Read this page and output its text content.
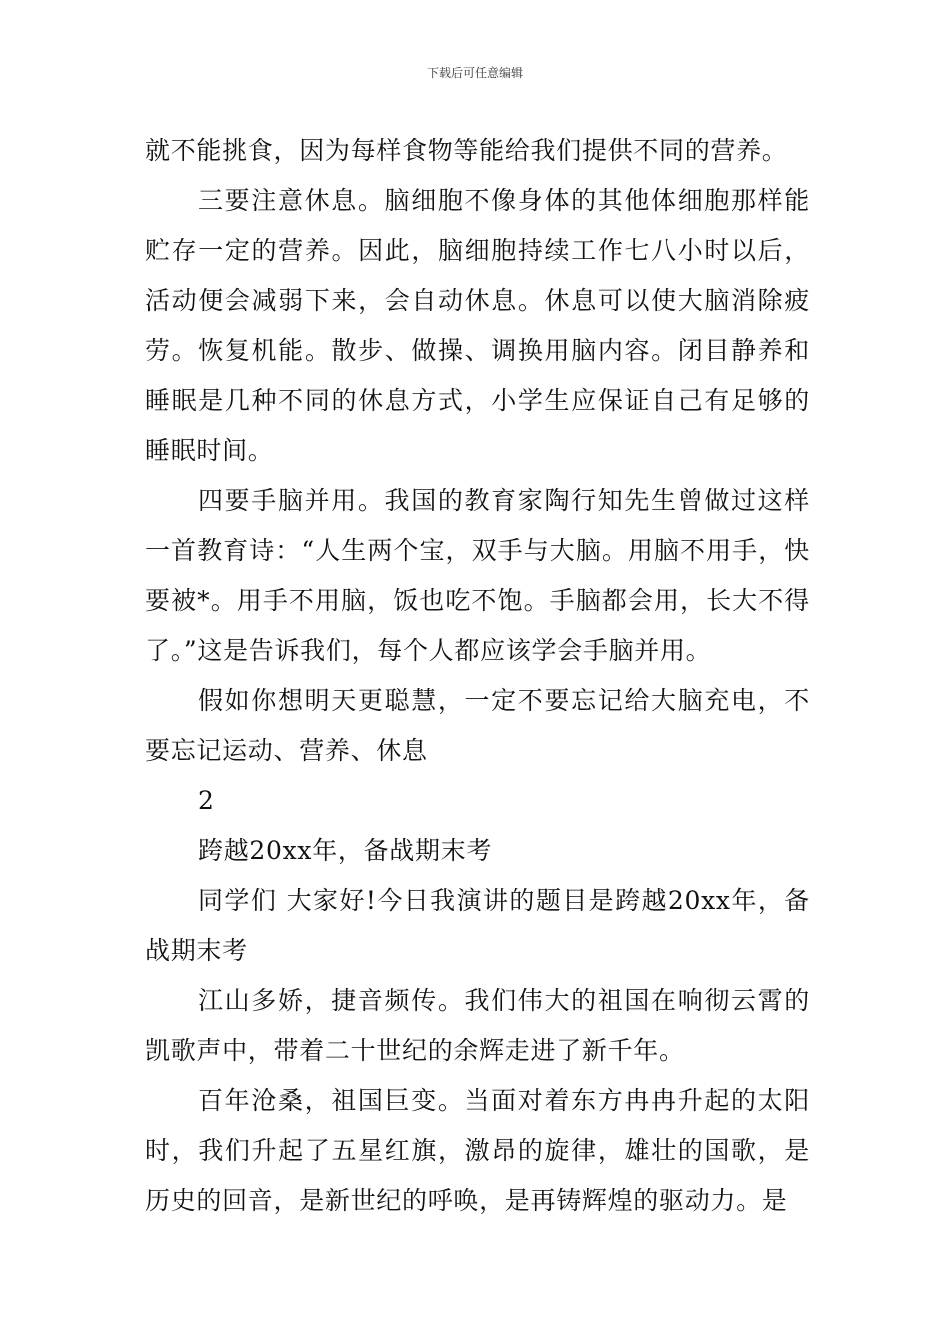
下载后可任意编辑

就不能挑食，因为每样食物等能给我们提供不同的营养。

三要注意休息。脑细胞不像身体的其他体细胞那样能贮存一定的营养。因此，脑细胞持续工作七八小时以后，活动便会减弱下来，会自动休息。休息可以使大脑消除疲劳。恢复机能。散步、做操、调换用脑内容。闭目静养和睡眠是几种不同的休息方式，小学生应保证自己有足够的睡眠时间。

四要手脑并用。我国的教育家陶行知先生曾做过这样一首教育诗：“人生两个宝，双手与大脑。用脑不用手，快要被*。用手不用脑，饭也吃不饱。手脑都会用，长大不得了。”这是告诉我们，每个人都应该学会手脑并用。

假如你想明天更聪慧，一定不要忘记给大脑充电，不要忘记运动、营养、休息

2

跨越20xx年，备战期末考

同学们 大家好!今日我演讲的题目是跨越20xx年，备战期末考

江山多娇，捷音频传。我们伟大的祖国在响彻云霄的凯歌声中，带着二十世纪的余辉走进了新千年。

百年沧桑，祖国巨变。当面对着东方冉冉升起的太阳时，我们升起了五星红旗，激昂的旋律，雄壮的国歌，是历史的回音，是新世纪的呼唤，是再铸辉煌的驱动力。是
